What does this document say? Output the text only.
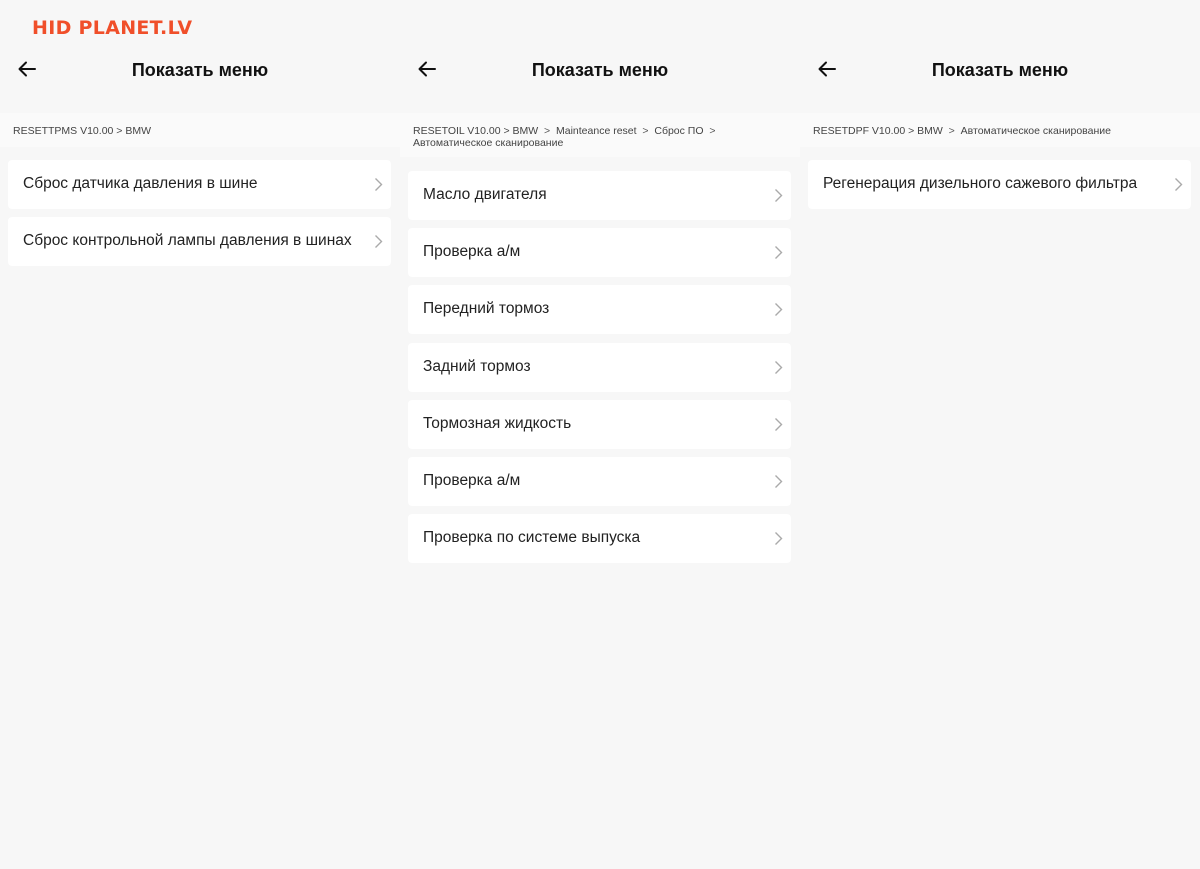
HID PLANET.LV
Показать меню
RESETTPMS V10.00 > BMW
Сброс датчика давления в шине
Сброс контрольной лампы давления в шинах
Показать меню
RESETOIL V10.00 > BMW  >  Mainteance reset  >  Сброс ПО  >
Автоматическое сканирование
Масло двигателя
Проверка а/м
Передний тормоз
Задний тормоз
Тормозная жидкость
Проверка а/м
Проверка по системе выпуска
Показать меню
RESETDPF V10.00 > BMW  >  Автоматическое сканирование
Регенерация дизельного сажевого фильтра
